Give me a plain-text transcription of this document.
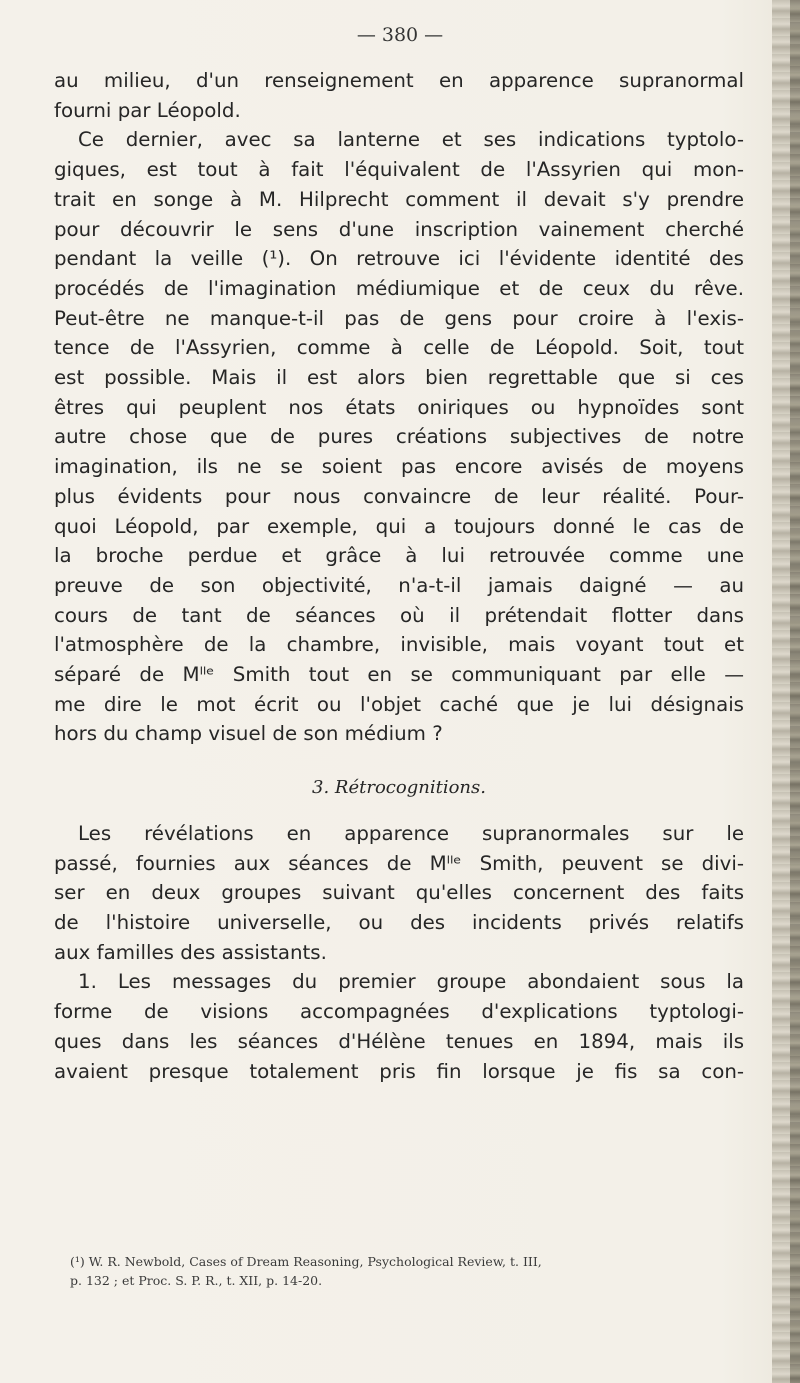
— 380 —

au milieu, d'un renseignement en apparence supranormal
fourni par Léopold.

Ce dernier, avec sa lanterne et ses indications typtolo-
giques, est tout à fait l'équivalent de l'Assyrien qui mon-
trait en songe à M. Hilprecht comment il devait s'y prendre
pour découvrir le sens d'une inscription vainement cherché
pendant la veille (¹). On retrouve ici l'évidente identité des
procédés de l'imagination médiumique et de ceux du rêve.
Peut-être ne manque-t-il pas de gens pour croire à l'exis-
tence de l'Assyrien, comme à celle de Léopold. Soit, tout
est possible. Mais il est alors bien regrettable que si ces
êtres qui peuplent nos états oniriques ou hypnoïdes sont
autre chose que de pures créations subjectives de notre
imagination, ils ne se soient pas encore avisés de moyens
plus évidents pour nous convaincre de leur réalité. Pour-
quoi Léopold, par exemple, qui a toujours donné le cas de
la broche perdue et grâce à lui retrouvée comme une
preuve de son objectivité, n'a-t-il jamais daigné — au
cours de tant de séances où il prétendait flotter dans
l'atmosphère de la chambre, invisible, mais voyant tout et
séparé de Mˡˡᵉ Smith tout en se communiquant par elle —
me dire le mot écrit ou l'objet caché que je lui désignais
hors du champ visuel de son médium ?

3. Rétrocognitions.

Les révélations en apparence supranormales sur le
passé, fournies aux séances de Mˡˡᵉ Smith, peuvent se divi-
ser en deux groupes suivant qu'elles concernent des faits
de l'histoire universelle, ou des incidents privés relatifs
aux familles des assistants.

1. Les messages du premier groupe abondaient sous la
forme de visions accompagnées d'explications typtologi-
ques dans les séances d'Hélène tenues en 1894, mais ils
avaient presque totalement pris fin lorsque je fis sa con-

(¹) W. R. Newbold, Cases of Dream Reasoning, Psychological Review, t. III,

p. 132 ; et Proc. S. P. R., t. XII, p. 14-20.
